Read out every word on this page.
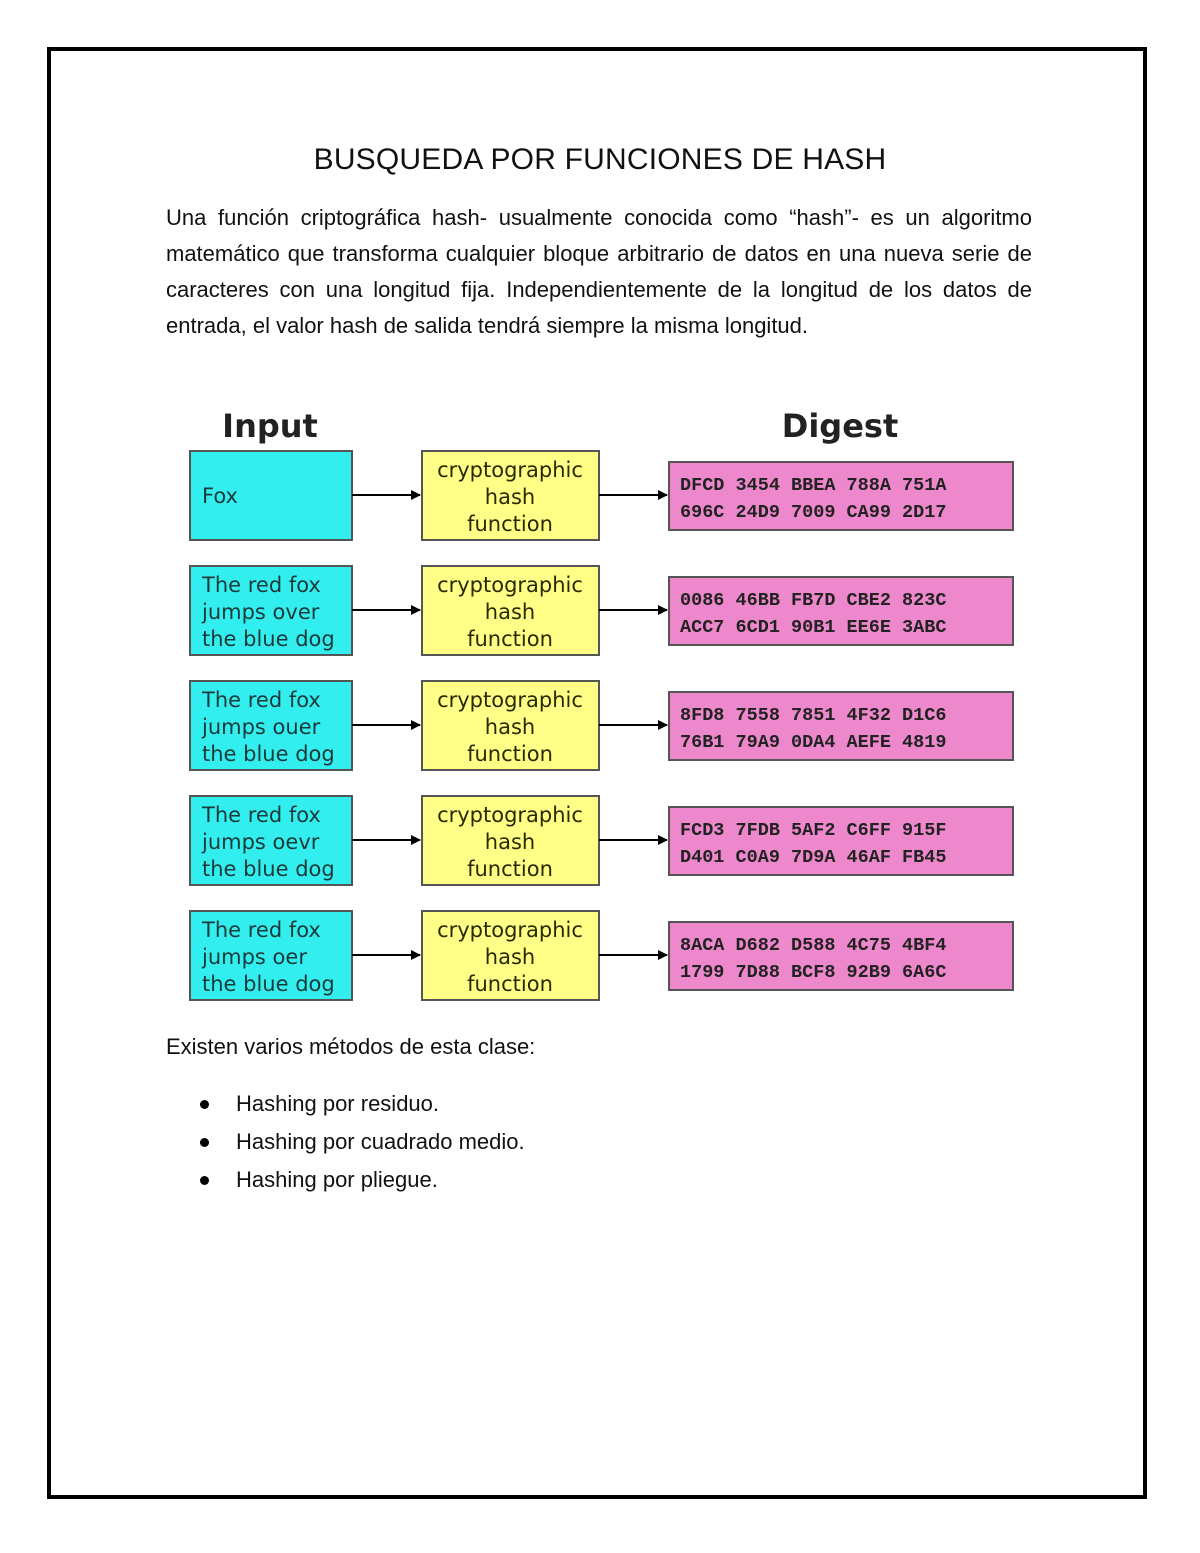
BUSQUEDA POR FUNCIONES DE HASH

Una función criptográfica hash- usualmente conocida como “hash”- es un algoritmo matemático que transforma cualquier bloque arbitrario de datos en una nueva serie de caracteres con una longitud fija. Independientemente de la longitud de los datos de entrada, el valor hash de salida tendrá siempre la misma longitud.

Input	Digest
Fox
cryptographic
hash
function
DFCD 3454 BBEA 788A 751A
696C 24D9 7009 CA99 2D17
The red fox
jumps over
the blue dog
cryptographic
hash
function
0086 46BB FB7D CBE2 823C
ACC7 6CD1 90B1 EE6E 3ABC
The red fox
jumps ouer
the blue dog
cryptographic
hash
function
8FD8 7558 7851 4F32 D1C6
76B1 79A9 0DA4 AEFE 4819
The red fox
jumps oevr
the blue dog
cryptographic
hash
function
FCD3 7FDB 5AF2 C6FF 915F
D401 C0A9 7D9A 46AF FB45
The red fox
jumps oer
the blue dog
cryptographic
hash
function
8ACA D682 D588 4C75 4BF4
1799 7D88 BCF8 92B9 6A6C

Existen varios métodos de esta clase:

Hashing por residuo.
Hashing por cuadrado medio.
Hashing por pliegue.
